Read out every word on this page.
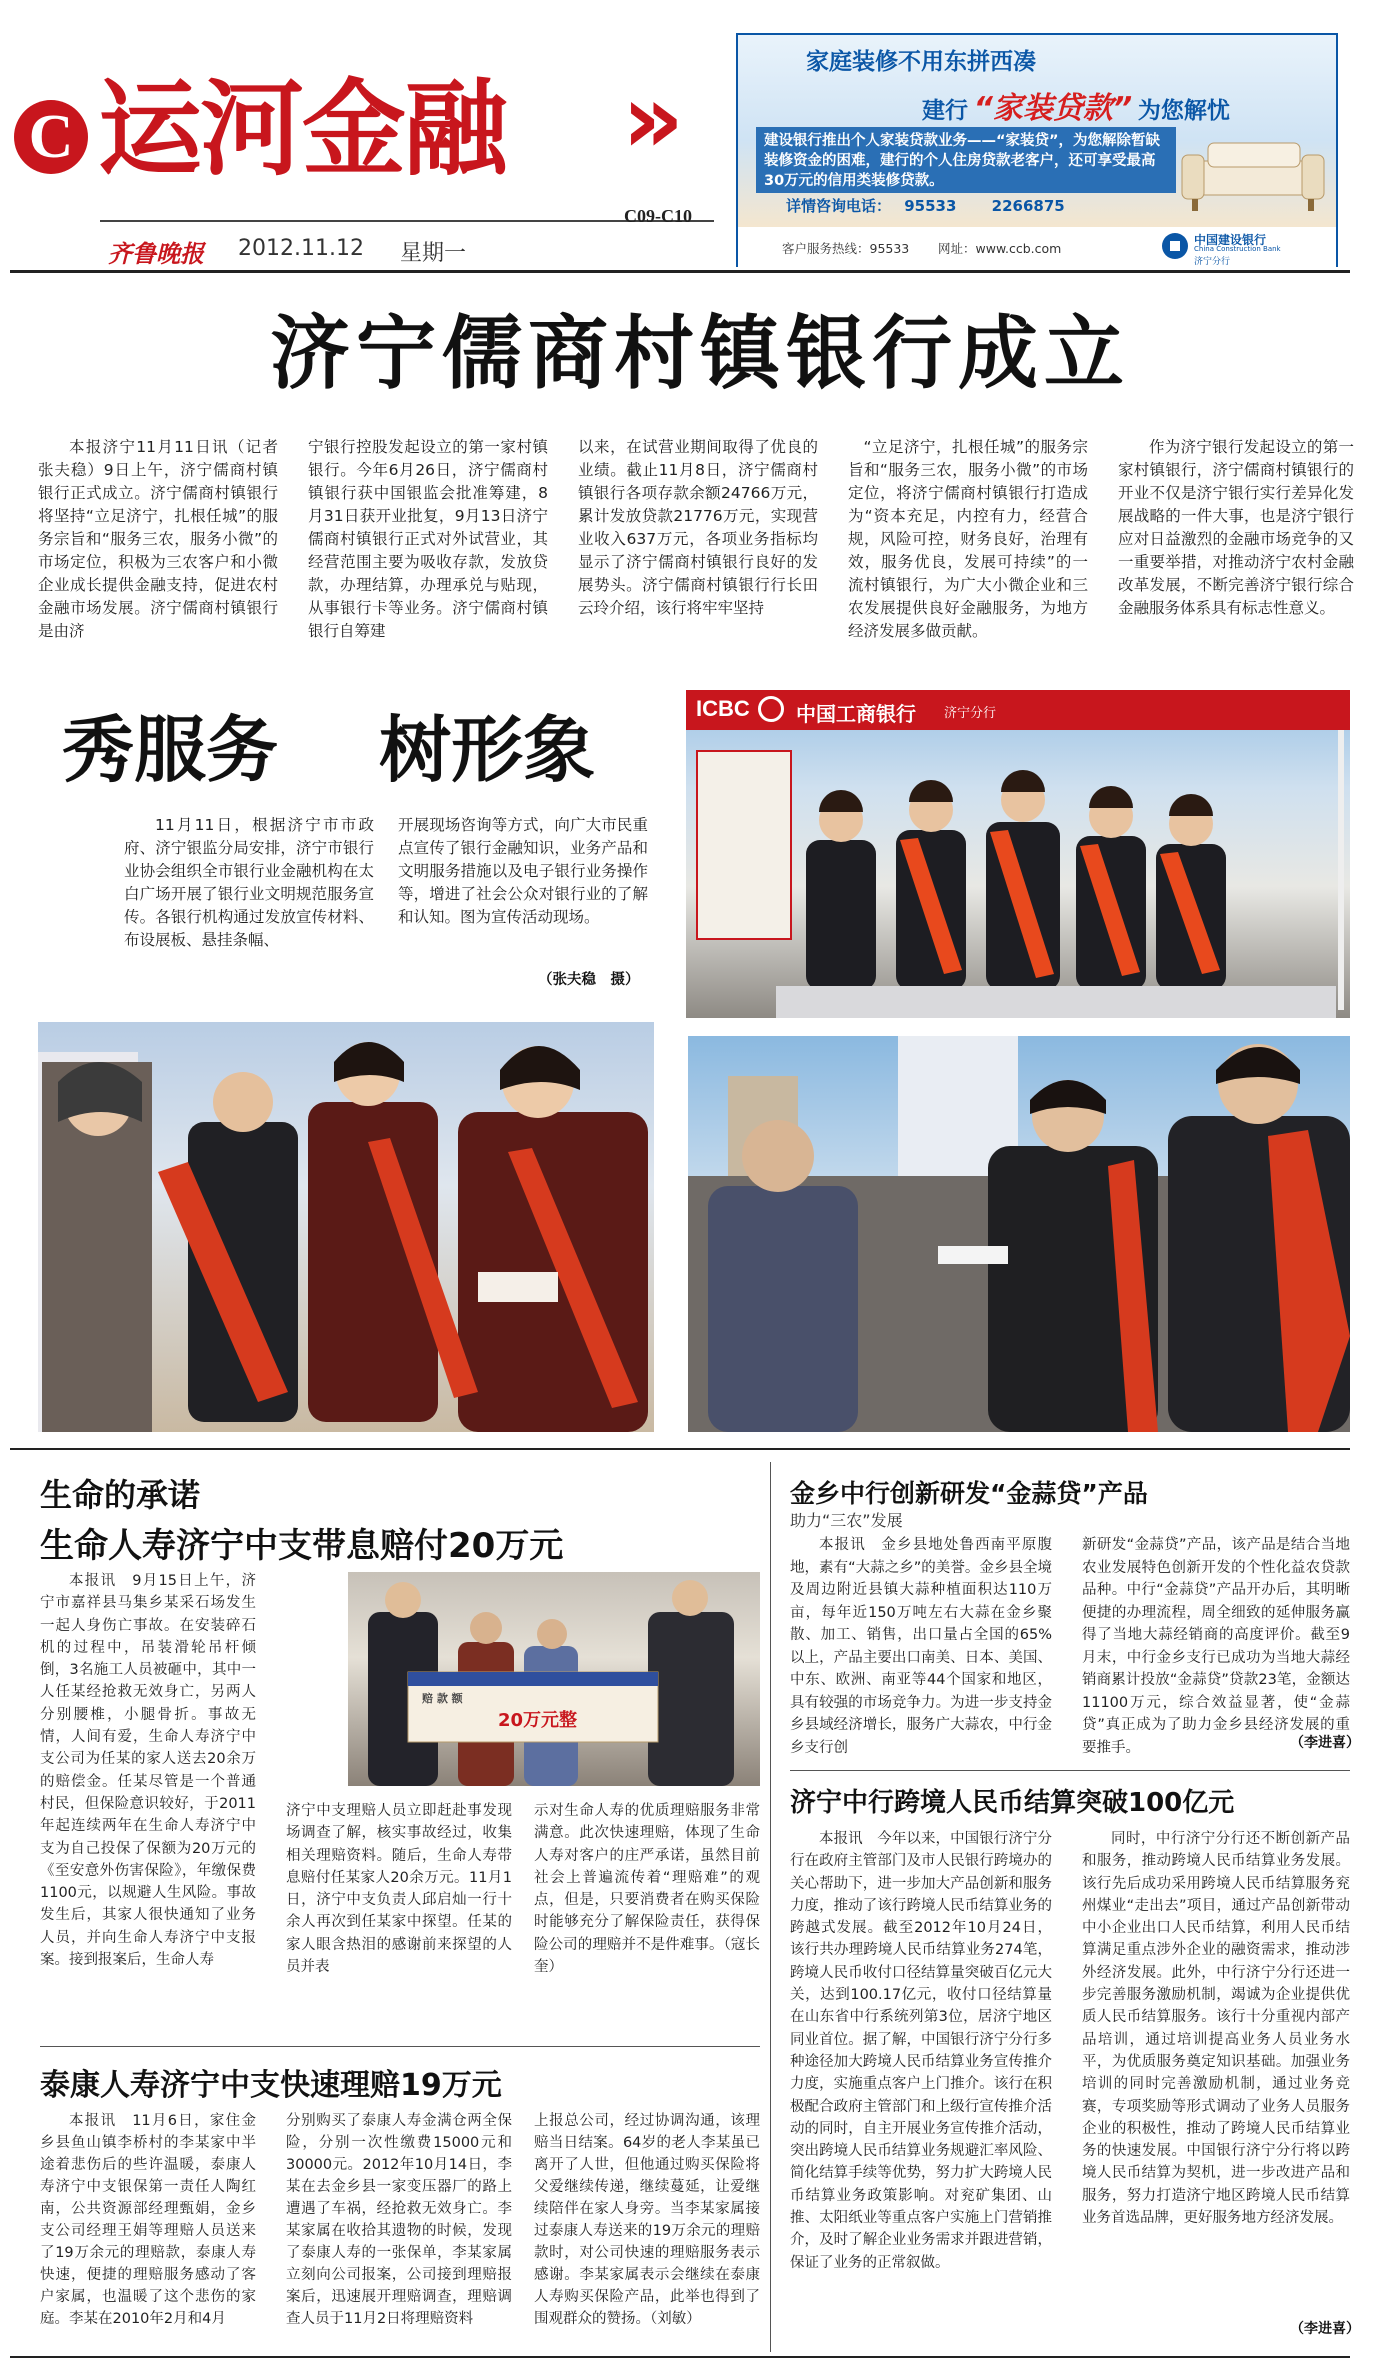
C 运河金融 »
齐鲁晚报 2012.11.12 星期一
C09-C10
家庭装修不用东拼西凑
建行 “家装贷款” 为您解忧
建设银行推出个人家装贷款业务——“家装贷”，为您解除暂缺装修资金的困难，建行的个人住房贷款老客户，还可享受最高30万元的信用类装修贷款。
详情咨询电话： 95533 2266875
客户服务热线：95533 网址：www.ccb.com
中国建设银行
China Construction Bank
济宁分行
济宁儒商村镇银行成立
本报济宁11月11日讯（记者　张夫稳）9日上午，济宁儒商村镇银行正式成立。济宁儒商村镇银行将坚持“立足济宁，扎根任城”的服务宗旨和“服务三农，服务小微”的市场定位，积极为三农客户和小微企业成长提供金融支持，促进农村金融市场发展。济宁儒商村镇银行是由济
宁银行控股发起设立的第一家村镇银行。今年6月26日，济宁儒商村镇银行获中国银监会批准筹建，8月31日获开业批复，9月13日济宁儒商村镇银行正式对外试营业，其经营范围主要为吸收存款，发放贷款，办理结算，办理承兑与贴现，从事银行卡等业务。济宁儒商村镇银行自筹建
以来，在试营业期间取得了优良的业绩。截止11月8日，济宁儒商村镇银行各项存款余额24766万元，累计发放贷款21776万元，实现营业收入637万元，各项业务指标均显示了济宁儒商村镇银行良好的发展势头。济宁儒商村镇银行行长田云玲介绍，该行将牢牢坚持
“立足济宁，扎根任城”的服务宗旨和“服务三农，服务小微”的市场定位，将济宁儒商村镇银行打造成为“资本充足，内控有力，经营合规，风险可控，财务良好，治理有效，服务优良，发展可持续”的一流村镇银行，为广大小微企业和三农发展提供良好金融服务，为地方经济发展多做贡献。
作为济宁银行发起设立的第一家村镇银行，济宁儒商村镇银行的开业不仅是济宁银行实行差异化发展战略的一件大事，也是济宁银行应对日益激烈的金融市场竞争的又一重要举措，对推动济宁农村金融改革发展，不断完善济宁银行综合金融服务体系具有标志性意义。
秀服务 树形象
11月11日，根据济宁市市政府、济宁银监分局安排，济宁市银行业协会组织全市银行业金融机构在太白广场开展了银行业文明规范服务宣传。各银行机构通过发放宣传材料、布设展板、悬挂条幅、
开展现场咨询等方式，向广大市民重点宣传了银行金融知识，业务产品和文明服务措施以及电子银行业务操作等，增进了社会公众对银行业的了解和认知。图为宣传活动现场。
（张夫稳　摄）
ICBC 中国工商银行 济宁分行
生命的承诺
生命人寿济宁中支带息赔付20万元
本报讯　9月15日上午，济宁市嘉祥县马集乡某采石场发生一起人身伤亡事故。在安装碎石机的过程中，吊装滑轮吊杆倾倒，3名施工人员被砸中，其中一人任某经抢救无效身亡，另两人分别腰椎，小腿骨折。事故无情，人间有爱，生命人寿济宁中支公司为任某的家人送去20余万的赔偿金。任某尽管是一个普通村民，但保险意识较好，于2011年起连续两年在生命人寿济宁中支为自己投保了保额为20万元的《至安意外伤害保险》，年缴保费1100元，以规避人生风险。事故发生后，其家人很快通知了业务人员，并向生命人寿济宁中支报案。接到报案后，生命人寿
济宁中支理赔人员立即赶赴事发现场调查了解，核实事故经过，收集相关理赔资料。随后，生命人寿带息赔付任某家人20余万元。11月1日，济宁中支负责人邱启灿一行十余人再次到任某家中探望。任某的家人眼含热泪的感谢前来探望的人员并表
示对生命人寿的优质理赔服务非常满意。此次快速理赔，体现了生命人寿对客户的庄严承诺，虽然目前社会上普遍流传着“理赔难”的观点，但是，只要消费者在购买保险时能够充分了解保险责任，获得保险公司的理赔并不是件难事。（寇长奎）
赔 款 额
20万元整
泰康人寿济宁中支快速理赔19万元
本报讯　11月6日，家住金乡县鱼山镇李桥村的李某家中半途着悲伤后的些许温暖，泰康人寿济宁中支银保第一责任人陶红南，公共资源部经理甄娟，金乡支公司经理王娟等理赔人员送来了19万余元的理赔款，泰康人寿快速，便捷的理赔服务感动了客户家属，也温暖了这个悲伤的家庭。李某在2010年2月和4月
分别购买了泰康人寿金满仓两全保险，分别一次性缴费15000元和30000元。2012年10月14日，李某在去金乡县一家变压器厂的路上遭遇了车祸，经抢救无效身亡。李某家属在收拾其遗物的时候，发现了泰康人寿的一张保单，李某家属立刻向公司报案，公司接到理赔报案后，迅速展开理赔调查，理赔调查人员于11月2日将理赔资料
上报总公司，经过协调沟通，该理赔当日结案。64岁的老人李某虽已离开了人世，但他通过购买保险将父爱继续传递，继续蔓延，让爱继续陪伴在家人身旁。当李某家属接过泰康人寿送来的19万余元的理赔款时，对公司快速的理赔服务表示感谢。李某家属表示会继续在泰康人寿购买保险产品，此举也得到了围观群众的赞扬。（刘敏）
金乡中行创新研发“金蒜贷”产品
助力“三农”发展
本报讯　金乡县地处鲁西南平原腹地，素有“大蒜之乡”的美誉。金乡县全境及周边附近县镇大蒜种植面积达110万亩，每年近150万吨左右大蒜在金乡聚散、加工、销售，出口量占全国的65%以上，产品主要出口南美、日本、美国、中东、欧洲、南亚等44个国家和地区，具有较强的市场竞争力。为进一步支持金乡县域经济增长，服务广大蒜农，中行金乡支行创
新研发“金蒜贷”产品，该产品是结合当地农业发展特色创新开发的个性化益农贷款品种。中行“金蒜贷”产品开办后，其明晰便捷的办理流程，周全细致的延伸服务赢得了当地大蒜经销商的高度评价。截至9月末，中行金乡支行已成功为当地大蒜经销商累计投放“金蒜贷”贷款23笔，金额达11100万元，综合效益显著，使“金蒜贷”真正成为了助力金乡县经济发展的重要推手。	（李进喜）
济宁中行跨境人民币结算突破100亿元
本报讯　今年以来，中国银行济宁分行在政府主管部门及市人民银行跨境办的关心帮助下，进一步加大产品创新和服务力度，推动了该行跨境人民币结算业务的跨越式发展。截至2012年10月24日，该行共办理跨境人民币结算业务274笔，跨境人民币收付口径结算量突破百亿元大关，达到100.17亿元，收付口径结算量在山东省中行系统列第3位，居济宁地区同业首位。据了解，中国银行济宁分行多种途径加大跨境人民币结算业务宣传推介力度，实施重点客户上门推介。该行在积极配合政府主管部门和上级行宣传推介活动的同时，自主开展业务宣传推介活动，突出跨境人民币结算业务规避汇率风险、简化结算手续等优势，努力扩大跨境人民币结算业务政策影响。对兖矿集团、山推、太阳纸业等重点客户实施上门营销推介，及时了解企业业务需求并跟进营销，保证了业务的正常叙做。
同时，中行济宁分行还不断创新产品和服务，推动跨境人民币结算业务发展。该行先后成功采用跨境人民币结算服务兖州煤业“走出去”项目，通过产品创新带动中小企业出口人民币结算，利用人民币结算满足重点涉外企业的融资需求，推动涉外经济发展。此外，中行济宁分行还进一步完善服务激励机制，竭诚为企业提供优质人民币结算服务。该行十分重视内部产品培训，通过培训提高业务人员业务水平，为优质服务奠定知识基础。加强业务培训的同时完善激励机制，通过业务竞赛，专项奖励等形式调动了业务人员服务企业的积极性，推动了跨境人民币结算业务的快速发展。中国银行济宁分行将以跨境人民币结算为契机，进一步改进产品和服务，努力打造济宁地区跨境人民币结算业务首选品牌，更好服务地方经济发展。
（李进喜）
